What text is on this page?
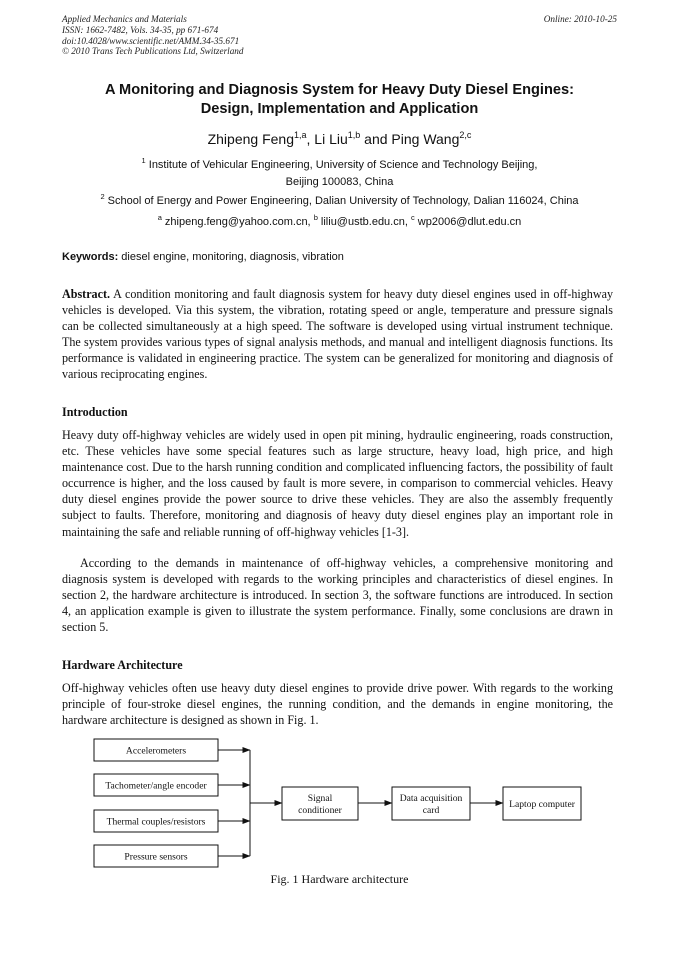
Applied Mechanics and Materials
ISSN: 1662-7482, Vols. 34-35, pp 671-674
doi:10.4028/www.scientific.net/AMM.34-35.671
© 2010 Trans Tech Publications Ltd, Switzerland
Online: 2010-10-25
A Monitoring and Diagnosis System for Heavy Duty Diesel Engines:
Design, Implementation and Application
Zhipeng Feng$^{1,a}$, Li Liu$^{1,b}$ and Ping Wang$^{2,c}$
$^1$ Institute of Vehicular Engineering, University of Science and Technology Beijing,
Beijing 100083, China
$^2$ School of Energy and Power Engineering, Dalian University of Technology, Dalian 116024, China
$^a$ zhipeng.feng@yahoo.com.cn, $^b$ liliu@ustb.edu.cn, $^c$ wp2006@dlut.edu.cn
Keywords: diesel engine, monitoring, diagnosis, vibration
Abstract. A condition monitoring and fault diagnosis system for heavy duty diesel engines used in off-highway vehicles is developed. Via this system, the vibration, rotating speed or angle, temperature and pressure signals can be collected simultaneously at a high speed. The software is developed using virtual instrument technique. The system provides various types of signal analysis methods, and manual and intelligent diagnosis functions. Its performance is validated in engineering practice. The system can be generalized for monitoring and diagnosis of various reciprocating engines.
Introduction
Heavy duty off-highway vehicles are widely used in open pit mining, hydraulic engineering, roads construction, etc. These vehicles have some special features such as large structure, heavy load, high price, and high maintenance cost. Due to the harsh running condition and complicated influencing factors, the possibility of fault occurrence is higher, and the loss caused by fault is more severe, in comparison to commercial vehicles. Heavy duty diesel engines provide the power source to drive these vehicles. They are also the assembly frequently subject to faults. Therefore, monitoring and diagnosis of heavy duty diesel engines play an important role in maintaining the safe and reliable running of off-highway vehicles [1-3].
According to the demands in maintenance of off-highway vehicles, a comprehensive monitoring and diagnosis system is developed with regards to the working principles and characteristics of diesel engines. In section 2, the hardware architecture is introduced. In section 3, the software functions are introduced. In section 4, an application example is given to illustrate the system performance. Finally, some conclusions are drawn in section 5.
Hardware Architecture
Off-highway vehicles often use heavy duty diesel engines to provide drive power. With regards to the working principle of four-stroke diesel engines, the running condition, and the demands in engine monitoring, the hardware architecture is designed as shown in Fig. 1.
Accelerometers
Tachometer/angle encoder
Thermal couples/resistors
Pressure sensors
Signal
conditioner
Data acquisition
card
Laptop computer
Fig. 1 Hardware architecture
